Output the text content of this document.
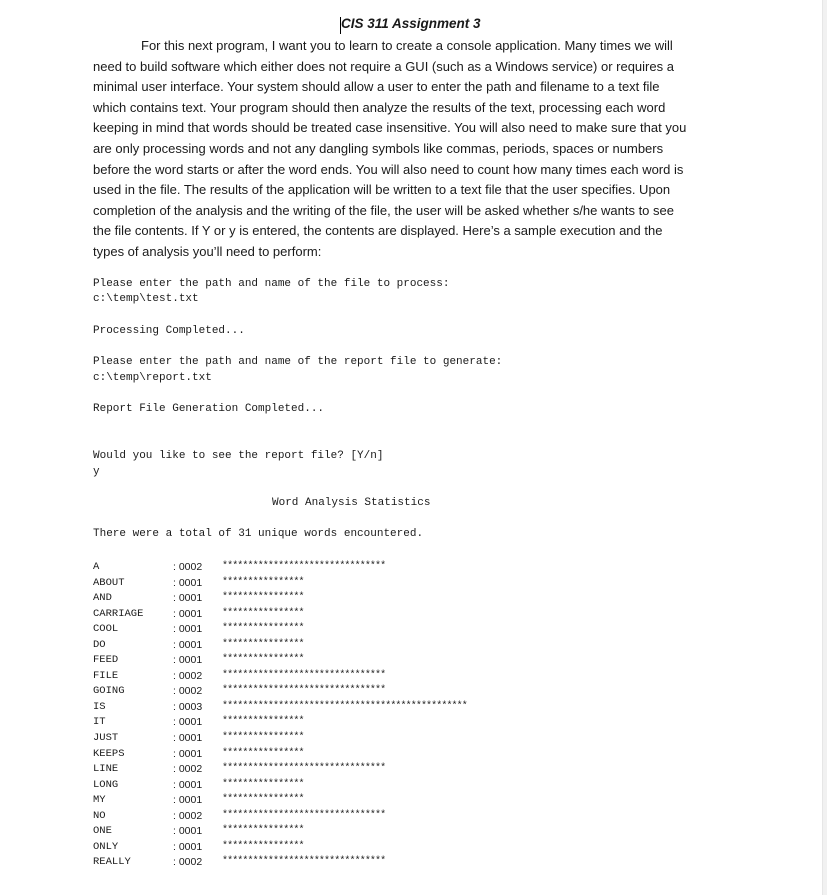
CIS 311 Assignment 3
For this next program, I want you to learn to create a console application. Many times we will
need to build software which either does not require a GUI (such as a Windows service) or requires a
minimal user interface. Your system should allow a user to enter the path and filename to a text file
which contains text. Your program should then analyze the results of the text, processing each word
keeping in mind that words should be treated case insensitive. You will also need to make sure that you
are only processing words and not any dangling symbols like commas, periods, spaces or numbers
before the word starts or after the word ends. You will also need to count how many times each word is
used in the file. The results of the application will be written to a text file that the user specifies. Upon
completion of the analysis and the writing of the file, the user will be asked whether s/he wants to see
the file contents. If Y or y is entered, the contents are displayed. Here’s a sample execution and the
types of analysis you’ll need to perform:
Please enter the path and name of the file to process:
c:\temp\test.txt
Processing Completed...
Please enter the path and name of the report file to generate:
c:\temp\report.txt
Report File Generation Completed...
Would you like to see the report file? [Y/n]
y
Word Analysis Statistics
There were a total of 31 unique words encountered.
A	: 0002 ********************************
ABOUT	: 0001 ****************
AND	: 0001 ****************
CARRIAGE	: 0001 ****************
COOL	: 0001 ****************
DO	: 0001 ****************
FEED	: 0001 ****************
FILE	: 0002 ********************************
GOING	: 0002 ********************************
IS	: 0003 ************************************************
IT	: 0001 ****************
JUST	: 0001 ****************
KEEPS	: 0001 ****************
LINE	: 0002 ********************************
LONG	: 0001 ****************
MY	: 0001 ****************
NO	: 0002 ********************************
ONE	: 0001 ****************
ONLY	: 0001 ****************
REALLY	: 0002 ********************************
